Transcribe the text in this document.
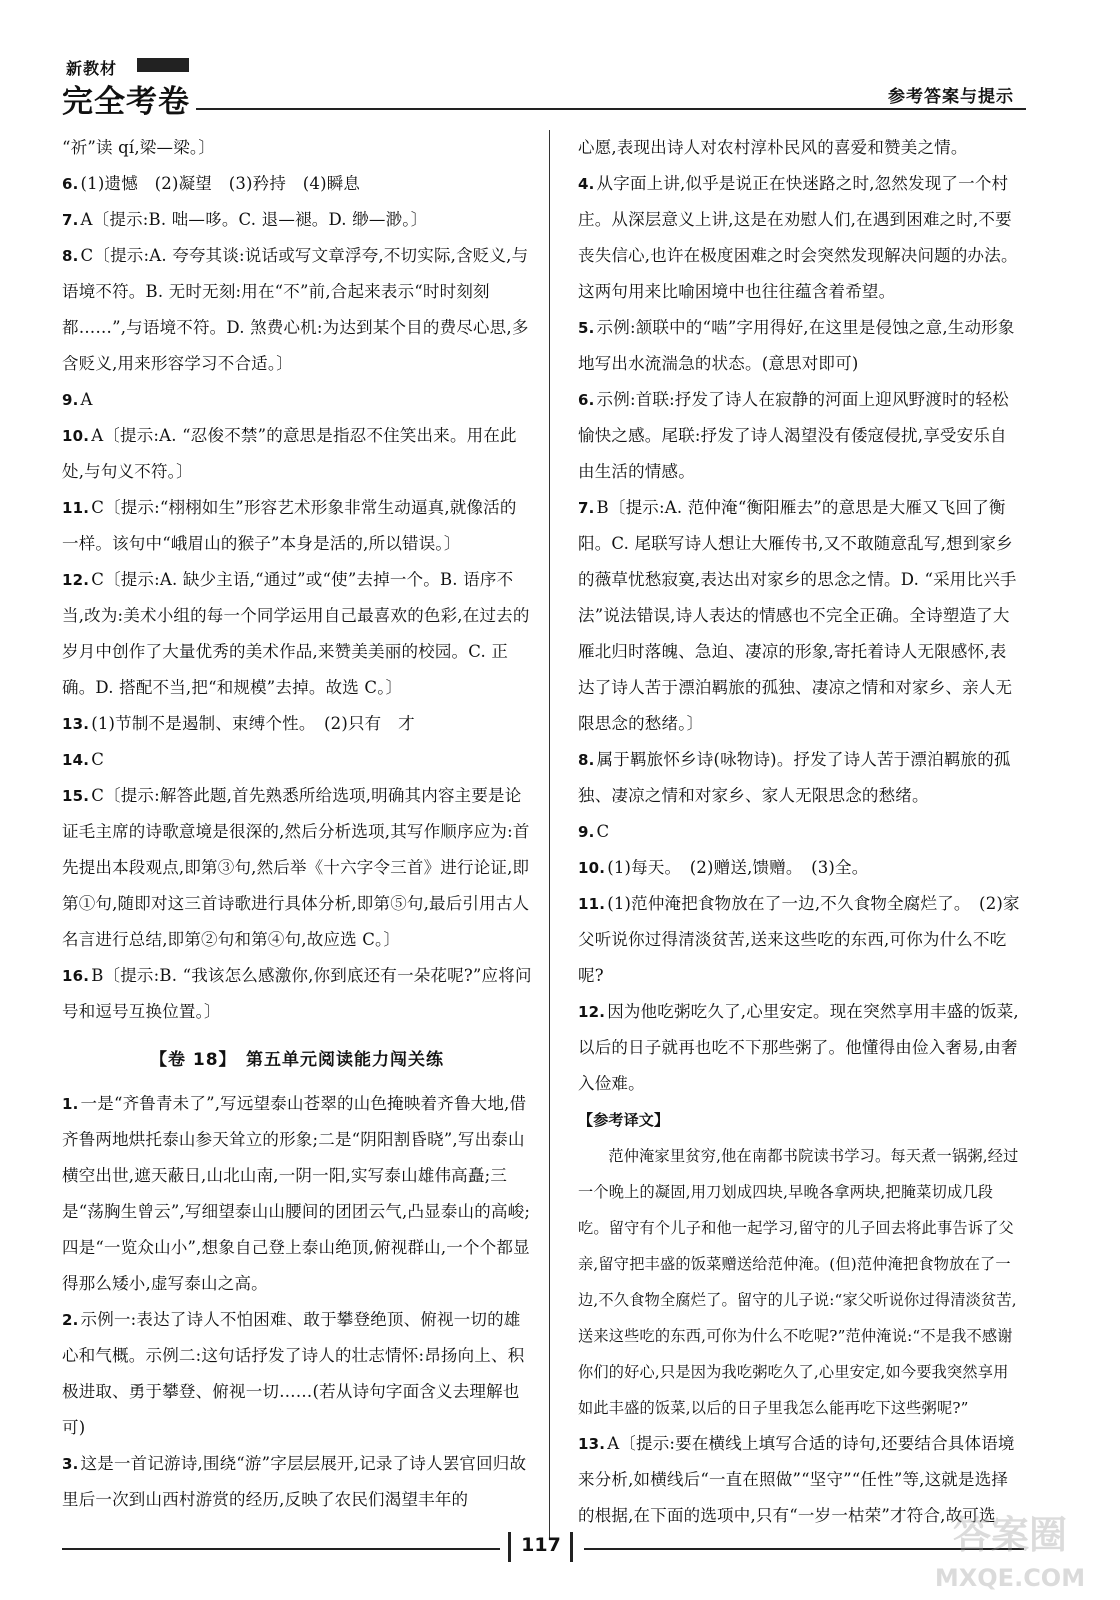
新教材
完全考卷	参考答案与提示

“祈”读 qí,梁—梁。〕

6. (1)遗憾　(2)凝望　(3)矜持　(4)瞬息

7. A〔提示:B. 咄—哆。C. 退—褪。D. 缈—渺。〕

8. C〔提示:A. 夸夸其谈:说话或写文章浮夸,不切实际,含贬义,与语境不符。B. 无时无刻:用在“不”前,合起来表示“时时刻刻都……”,与语境不符。D. 煞费心机:为达到某个目的费尽心思,多含贬义,用来形容学习不合适。〕

9. A

10. A〔提示:A. “忍俊不禁”的意思是指忍不住笑出来。用在此处,与句义不符。〕

11. C〔提示:“栩栩如生”形容艺术形象非常生动逼真,就像活的一样。该句中“峨眉山的猴子”本身是活的,所以错误。〕

12. C〔提示:A. 缺少主语,“通过”或“使”去掉一个。B. 语序不当,改为:美术小组的每一个同学运用自己最喜欢的色彩,在过去的岁月中创作了大量优秀的美术作品,来赞美美丽的校园。C. 正确。D. 搭配不当,把“和规模”去掉。故选 C。〕

13. (1)节制不是遏制、束缚个性。　(2)只有　才

14. C

15. C〔提示:解答此题,首先熟悉所给选项,明确其内容主要是论证毛主席的诗歌意境是很深的,然后分析选项,其写作顺序应为:首先提出本段观点,即第③句,然后举《十六字令三首》进行论证,即第①句,随即对这三首诗歌进行具体分析,即第⑤句,最后引用古人名言进行总结,即第②句和第④句,故应选 C。〕

16. B〔提示:B. “我该怎么感激你,你到底还有一朵花呢?”应将问号和逗号互换位置。〕

【卷 18】　第五单元阅读能力闯关练

1. 一是“齐鲁青未了”,写远望泰山苍翠的山色掩映着齐鲁大地,借齐鲁两地烘托泰山参天耸立的形象;二是“阴阳割昏晓”,写出泰山横空出世,遮天蔽日,山北山南,一阴一阳,实写泰山雄伟高矗;三是“荡胸生曾云”,写细望泰山山腰间的团团云气,凸显泰山的高峻;四是“一览众山小”,想象自己登上泰山绝顶,俯视群山,一个个都显得那么矮小,虚写泰山之高。

2. 示例一:表达了诗人不怕困难、敢于攀登绝顶、俯视一切的雄心和气概。示例二:这句话抒发了诗人的壮志情怀:昂扬向上、积极进取、勇于攀登、俯视一切……(若从诗句字面含义去理解也可)

3. 这是一首记游诗,围绕“游”字层层展开,记录了诗人罢官回归故里后一次到山西村游赏的经历,反映了农民们渴望丰年的

心愿,表现出诗人对农村淳朴民风的喜爱和赞美之情。

4. 从字面上讲,似乎是说正在快迷路之时,忽然发现了一个村庄。从深层意义上讲,这是在劝慰人们,在遇到困难之时,不要丧失信心,也许在极度困难之时会突然发现解决问题的办法。这两句用来比喻困境中也往往蕴含着希望。

5. 示例:颔联中的“啮”字用得好,在这里是侵蚀之意,生动形象地写出水流湍急的状态。(意思对即可)

6. 示例:首联:抒发了诗人在寂静的河面上迎风野渡时的轻松愉快之感。尾联:抒发了诗人渴望没有倭寇侵扰,享受安乐自由生活的情感。

7. B〔提示:A. 范仲淹“衡阳雁去”的意思是大雁又飞回了衡阳。C. 尾联写诗人想让大雁传书,又不敢随意乱写,想到家乡的薇草忧愁寂寞,表达出对家乡的思念之情。D. “采用比兴手法”说法错误,诗人表达的情感也不完全正确。全诗塑造了大雁北归时落魄、急迫、凄凉的形象,寄托着诗人无限感怀,表达了诗人苦于漂泊羁旅的孤独、凄凉之情和对家乡、亲人无限思念的愁绪。〕

8. 属于羁旅怀乡诗(咏物诗)。抒发了诗人苦于漂泊羁旅的孤独、凄凉之情和对家乡、家人无限思念的愁绪。

9. C

10. (1)每天。　(2)赠送,馈赠。　(3)全。

11. (1)范仲淹把食物放在了一边,不久食物全腐烂了。　(2)家父听说你过得清淡贫苦,送来这些吃的东西,可你为什么不吃呢?

12. 因为他吃粥吃久了,心里安定。现在突然享用丰盛的饭菜,以后的日子就再也吃不下那些粥了。他懂得由俭入奢易,由奢入俭难。

【参考译文】

范仲淹家里贫穷,他在南都书院读书学习。每天煮一锅粥,经过一个晚上的凝固,用刀划成四块,早晚各拿两块,把腌菜切成几段吃。留守有个儿子和他一起学习,留守的儿子回去将此事告诉了父亲,留守把丰盛的饭菜赠送给范仲淹。(但)范仲淹把食物放在了一边,不久食物全腐烂了。留守的儿子说:“家父听说你过得清淡贫苦,送来这些吃的东西,可你为什么不吃呢?”范仲淹说:“不是我不感谢你们的好心,只是因为我吃粥吃久了,心里安定,如今要我突然享用如此丰盛的饭菜,以后的日子里我怎么能再吃下这些粥呢?”

13. A〔提示:要在横线上填写合适的诗句,还要结合具体语境来分析,如横线后“一直在照做”“坚守”“任性”等,这就是选择的根据,在下面的选项中,只有“一岁一枯荣”才符合,故可选

117	答案圈
MXQE.COM
